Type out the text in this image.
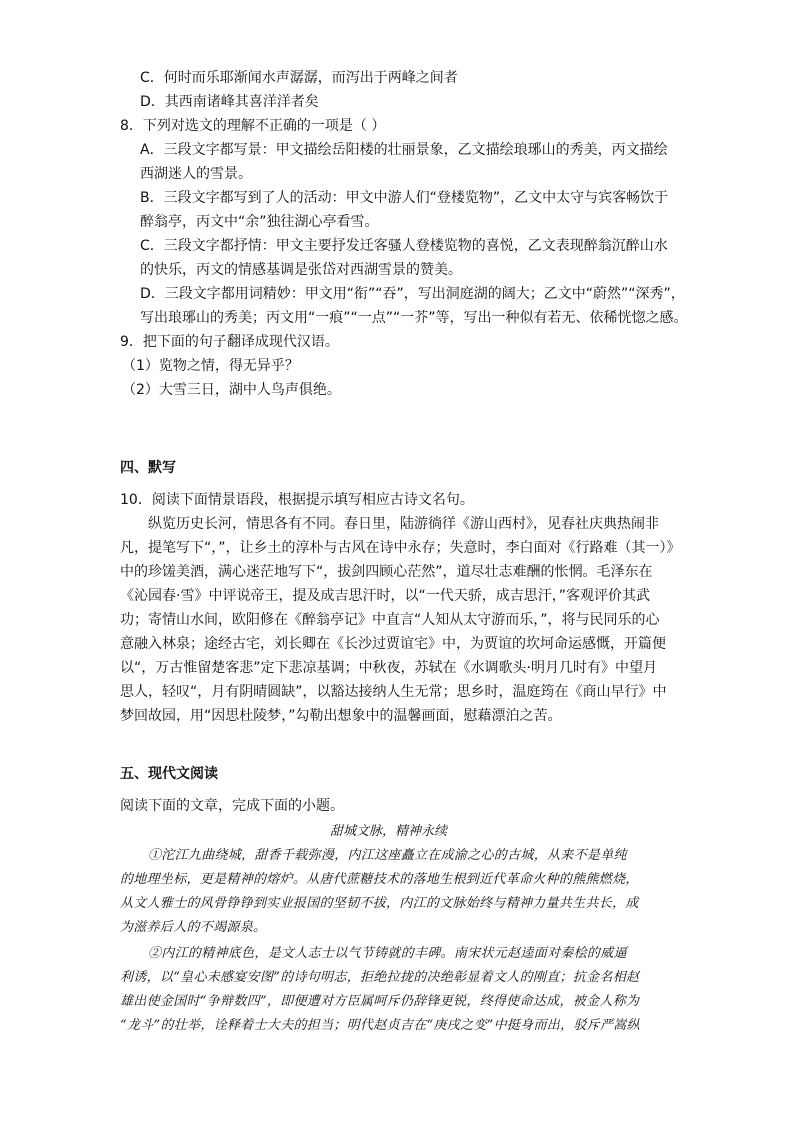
C．何时而乐耶渐闻水声潺潺，而泻出于两峰之间者
D．其西南诸峰其喜洋洋者矣
8．下列对选文的理解不正确的一项是（ ）
A．三段文字都写景：甲文描绘岳阳楼的壮丽景象，乙文描绘琅琊山的秀美，丙文描绘
西湖迷人的雪景。
B．三段文字都写到了人的活动：甲文中游人们“登楼览物”，乙文中太守与宾客畅饮于
醉翁亭，丙文中“余”独往湖心亭看雪。
C．三段文字都抒情：甲文主要抒发迁客骚人登楼览物的喜悦，乙文表现醉翁沉醉山水
的快乐，丙文的情感基调是张岱对西湖雪景的赞美。
D．三段文字都用词精妙：甲文用“衔”“吞”，写出洞庭湖的阔大；乙文中“蔚然”“深秀”，
写出琅琊山的秀美；丙文用“一痕”“一点”“一芥”等，写出一种似有若无、依稀恍惚之感。
9．把下面的句子翻译成现代汉语。
（1）览物之情，得无异乎？
（2）大雪三日，湖中人鸟声俱绝。
四、默写
10．阅读下面情景语段，根据提示填写相应古诗文名句。
纵览历史长河，情思各有不同。春日里，陆游徜徉《游山西村》，见春社庆典热闹非
凡，提笔写下“，”，让乡土的淳朴与古风在诗中永存；失意时，李白面对《行路难（其一）》
中的珍馐美酒，满心迷茫地写下“，拔剑四顾心茫然”，道尽壮志难酬的怅惘。毛泽东在
《沁园春·雪》中评说帝王，提及成吉思汗时，以“一代天骄，成吉思汗，”客观评价其武
功；寄情山水间，欧阳修在《醉翁亭记》中直言“人知从太守游而乐，”，将与民同乐的心
意融入林泉；途经古宅，刘长卿在《长沙过贾谊宅》中，为贾谊的坎坷命运感慨，开篇便
以“，万古惟留楚客悲”定下悲凉基调；中秋夜，苏轼在《水调歌头·明月几时有》中望月
思人，轻叹“，月有阴晴圆缺”，以豁达接纳人生无常；思乡时，温庭筠在《商山早行》中
梦回故园，用“因思杜陵梦，”勾勒出想象中的温馨画面，慰藉漂泊之苦。
五、现代文阅读
阅读下面的文章，完成下面的小题。
甜城文脉，精神永续
①沱江九曲绕城，甜香千载弥漫，内江这座矗立在成渝之心的古城，从来不是单纯
的地理坐标，更是精神的熔炉。从唐代蔗糖技术的落地生根到近代革命火种的熊熊燃烧，
从文人雅士的风骨铮铮到实业报国的坚韧不拔，内江的文脉始终与精神力量共生共长，成
为滋养后人的不竭源泉。
②内江的精神底色，是文人志士以气节铸就的丰碑。南宋状元赵逵面对秦桧的威逼
利诱，以“皇心未感宴安图”的诗句明志，拒绝拉拢的决绝彰显着文人的刚直；抗金名相赵
雄出使金国时“争辩数四”，即便遭对方臣属呵斥仍辞锋更锐，终得使命达成，被金人称为
“龙斗”的壮举，诠释着士大夫的担当；明代赵贞吉在“庚戌之变”中挺身而出，驳斥严嵩纵
